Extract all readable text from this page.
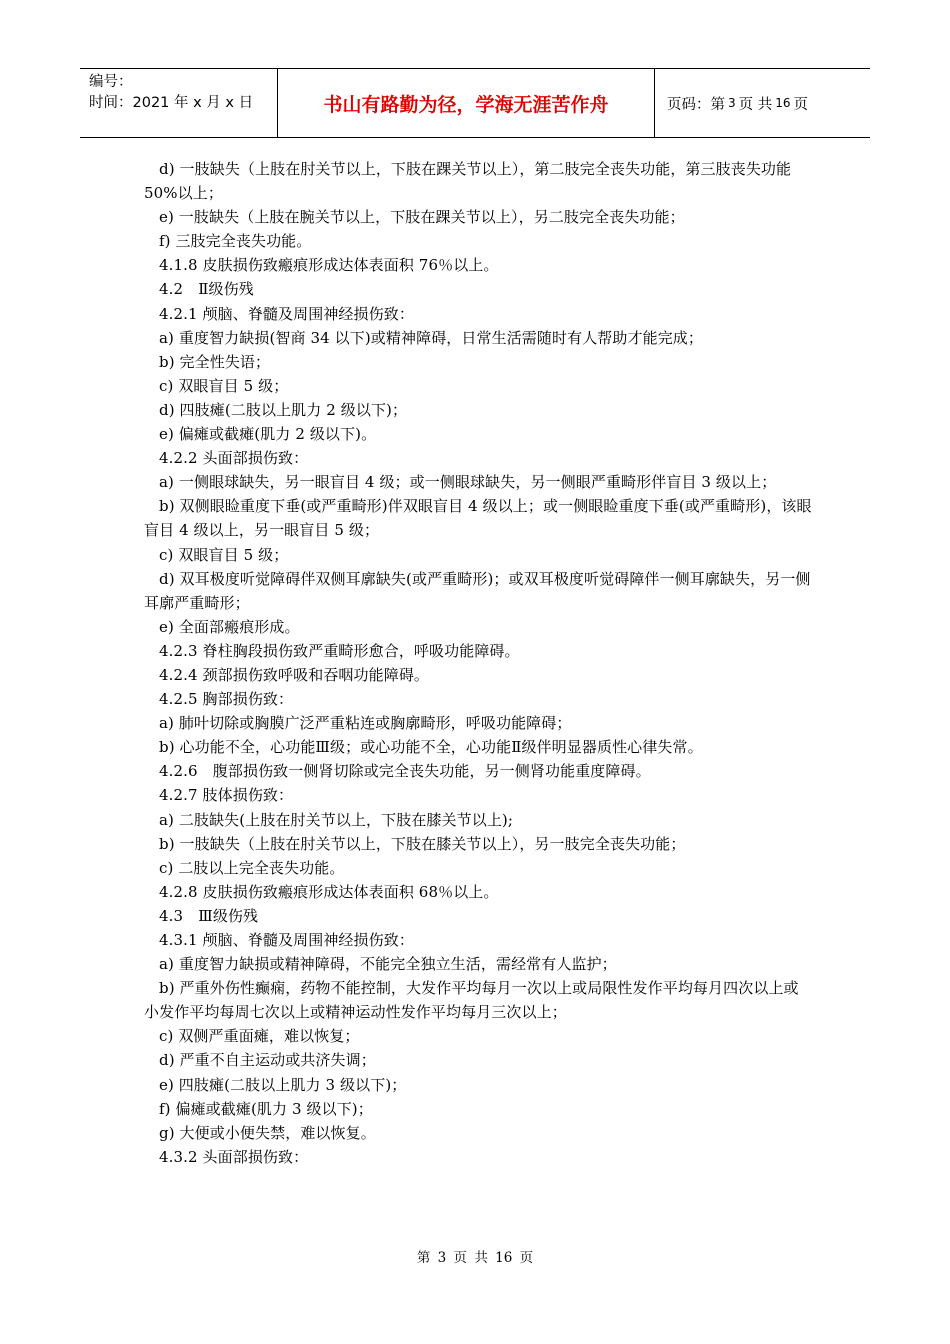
编号：
时间：2021 年 x 月 x 日	书山有路勤为径，学海无涯苦作舟	页码：第 3 页 共 16 页
d) 一肢缺失（上肢在肘关节以上，下肢在踝关节以上），第二肢完全丧失功能，第三肢丧失功能 50%以上；
e) 一肢缺失（上肢在腕关节以上，下肢在踝关节以上），另二肢完全丧失功能；
f) 三肢完全丧失功能。
4.1.8 皮肤损伤致瘢痕形成达体表面积 76％以上。
4.2　Ⅱ级伤残
4.2.1 颅脑、脊髓及周围神经损伤致：
a) 重度智力缺损(智商 34 以下)或精神障碍，日常生活需随时有人帮助才能完成；
b) 完全性失语；
c) 双眼盲目 5 级；
d) 四肢瘫(二肢以上肌力 2 级以下)；
e) 偏瘫或截瘫(肌力 2 级以下)。
4.2.2 头面部损伤致：
a) 一侧眼球缺失，另一眼盲目 4 级；或一侧眼球缺失，另一侧眼严重畸形伴盲目 3 级以上；
b) 双侧眼睑重度下垂(或严重畸形)伴双眼盲目 4 级以上；或一侧眼睑重度下垂(或严重畸形)，该眼盲目 4 级以上，另一眼盲目 5 级；
c) 双眼盲目 5 级；
d) 双耳极度听觉障碍伴双侧耳廓缺失(或严重畸形)；或双耳极度听觉碍障伴一侧耳廓缺失，另一侧耳廓严重畸形；
e) 全面部瘢痕形成。
4.2.3 脊柱胸段损伤致严重畸形愈合，呼吸功能障碍。
4.2.4 颈部损伤致呼吸和吞咽功能障碍。
4.2.5 胸部损伤致：
a) 肺叶切除或胸膜广泛严重粘连或胸廓畸形，呼吸功能障碍；
b) 心功能不全，心功能Ⅲ级；或心功能不全，心功能Ⅱ级伴明显器质性心律失常。
4.2.6　腹部损伤致一侧肾切除或完全丧失功能，另一侧肾功能重度障碍。
4.2.7 肢体损伤致：
a) 二肢缺失(上肢在肘关节以上，下肢在膝关节以上);
b) 一肢缺失（上肢在肘关节以上，下肢在膝关节以上），另一肢完全丧失功能；
c) 二肢以上完全丧失功能。
4.2.8 皮肤损伤致瘢痕形成达体表面积 68％以上。
4.3　Ⅲ级伤残
4.3.1 颅脑、脊髓及周围神经损伤致：
a) 重度智力缺损或精神障碍，不能完全独立生活，需经常有人监护；
b) 严重外伤性癫痫，药物不能控制，大发作平均每月一次以上或局限性发作平均每月四次以上或小发作平均每周七次以上或精神运动性发作平均每月三次以上；
c) 双侧严重面瘫，难以恢复；
d) 严重不自主运动或共济失调；
e) 四肢瘫(二肢以上肌力 3 级以下)；
f) 偏瘫或截瘫(肌力 3 级以下)；
g) 大便或小便失禁，难以恢复。
4.3.2 头面部损伤致：
第 3 页 共 16 页
